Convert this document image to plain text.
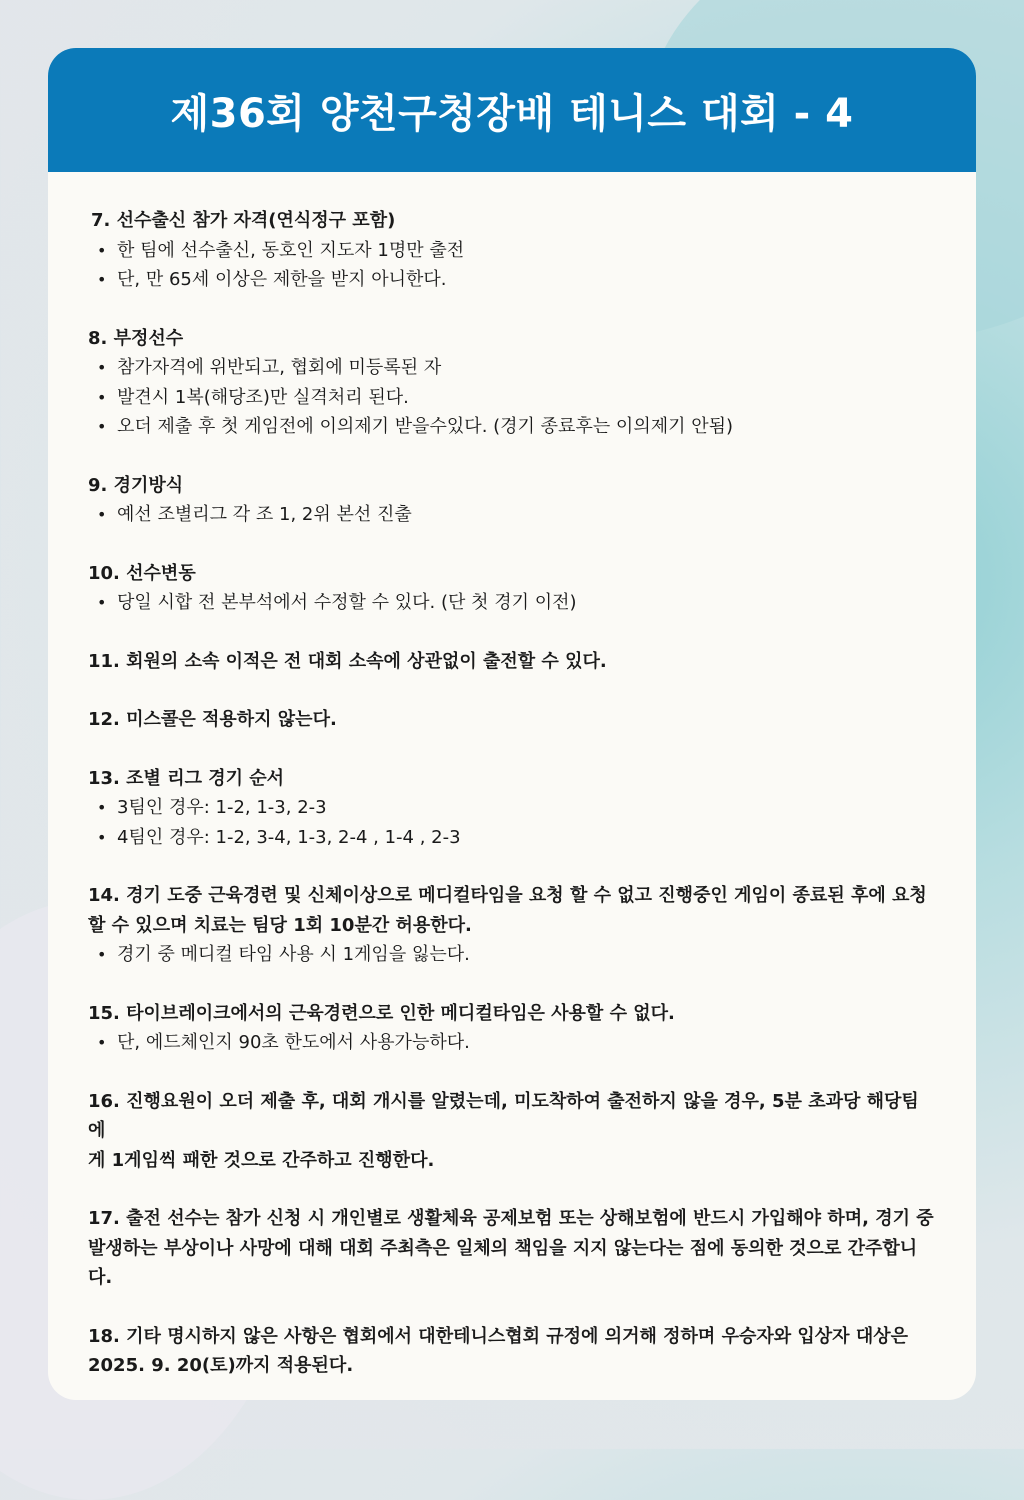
제36회 양천구청장배 테니스 대회 - 4

7. 선수출신 참가 자격(연식정구 포함)

• 한 팀에 선수출신, 동호인 지도자 1명만 출전
• 단, 만 65세 이상은 제한을 받지 아니한다.

8. 부정선수

• 참가자격에 위반되고, 협회에 미등록된 자
• 발견시 1복(해당조)만 실격처리 된다.
• 오더 제출 후 첫 게임전에 이의제기 받을수있다. (경기 종료후는 이의제기 안됨)

9. 경기방식

• 예선 조별리그 각 조 1, 2위 본선 진출

10. 선수변동

• 당일 시합 전 본부석에서 수정할 수 있다. (단 첫 경기 이전)

11. 회원의 소속 이적은 전 대회 소속에 상관없이 출전할 수 있다.

12. 미스콜은 적용하지 않는다.

13. 조별 리그 경기 순서

• 3팀인 경우: 1-2, 1-3, 2-3
• 4팀인 경우: 1-2, 3-4, 1-3, 2-4 , 1-4 , 2-3

14. 경기 도중 근육경련 및 신체이상으로 메디컬타임을 요청 할 수 없고 진행중인 게임이 종료된 후에 요청

할 수 있으며 치료는 팀당 1회 10분간 허용한다.

• 경기 중 메디컬 타임 사용 시 1게임을 잃는다.

15. 타이브레이크에서의 근육경련으로 인한 메디컬타임은 사용할 수 없다.

• 단, 에드체인지 90초 한도에서 사용가능하다.

16. 진행요원이 오더 제출 후, 대회 개시를 알렸는데, 미도착하여 출전하지 않을 경우, 5분 초과당 해당팀에

게 1게임씩 패한 것으로 간주하고 진행한다.

17. 출전 선수는 참가 신청 시 개인별로 생활체육 공제보험 또는 상해보험에 반드시 가입해야 하며, 경기 중

발생하는 부상이나 사망에 대해 대회 주최측은 일체의 책임을 지지 않는다는 점에 동의한 것으로 간주합니다.

18. 기타 명시하지 않은 사항은 협회에서 대한테니스협회 규정에 의거해 정하며 우승자와 입상자 대상은

2025. 9. 20(토)까지 적용된다.
